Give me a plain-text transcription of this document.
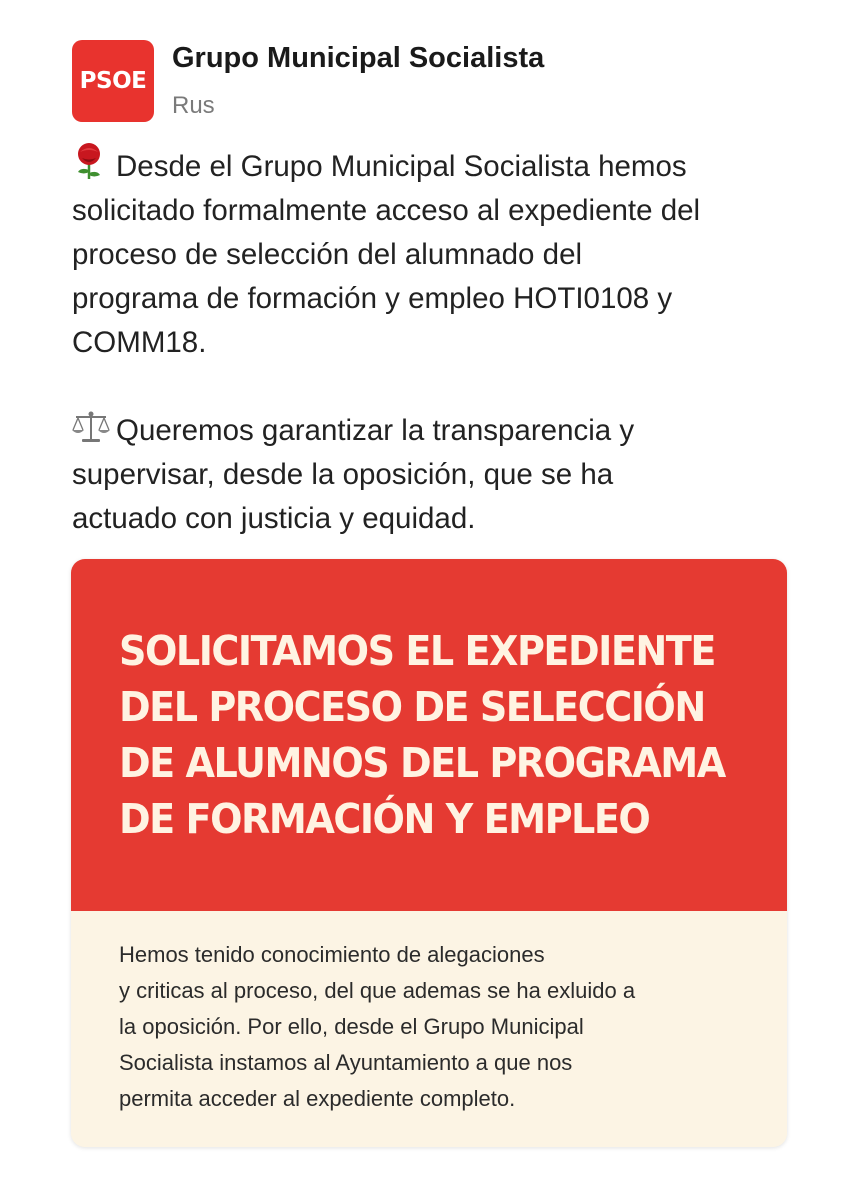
PSOE
Grupo Municipal Socialista
Rus
Desde el Grupo Municipal Socialista hemos
solicitado formalmente acceso al expediente del
proceso de selección del alumnado del
programa de formación y empleo HOTI0108 y
COMM18.
Queremos garantizar la transparencia y
supervisar, desde la oposición, que se ha
actuado con justicia y equidad.
SOLICITAMOS EL EXPEDIENTE
DEL PROCESO DE SELECCIÓN
DE ALUMNOS DEL PROGRAMA
DE FORMACIÓN Y EMPLEO
Hemos tenido conocimiento de alegaciones
y criticas al proceso, del que ademas se ha exluido a
la oposición. Por ello, desde el Grupo Municipal
Socialista instamos al Ayuntamiento a que nos
permita acceder al expediente completo.
